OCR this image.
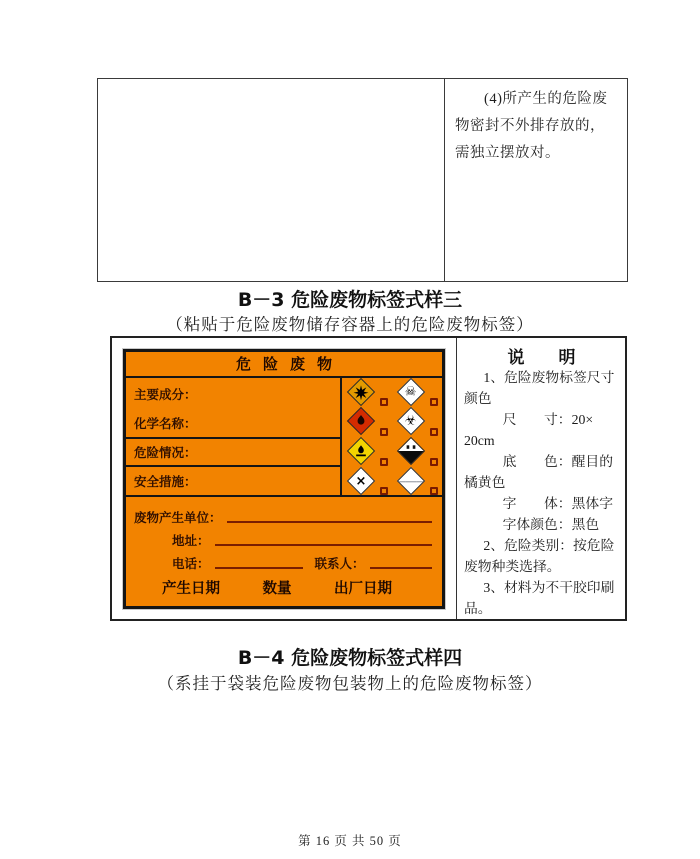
(4)所产生的危险废物密封不外排存放的，需独立摆放对。
B－3 危险废物标签式样三
（粘贴于危险废物储存容器上的危险废物标签）
危险废物
主要成分：
化学名称：
危险情况：
安全措施：
☠
☣
×
废物产生单位：
地址：
电话：	联系人：
产生日期	数量	出厂日期
说　　明
1、危险废物标签尺寸
颜色
尺　　寸：20×
20cm
底　　色：醒目的
橘黄色
字　　体：黑体字
字体颜色：黑色
2、危险类别：按危险
废物种类选择。
3、材料为不干胶印刷
品。
B－4 危险废物标签式样四
（系挂于袋装危险废物包装物上的危险废物标签）
第 16 页 共 50 页
